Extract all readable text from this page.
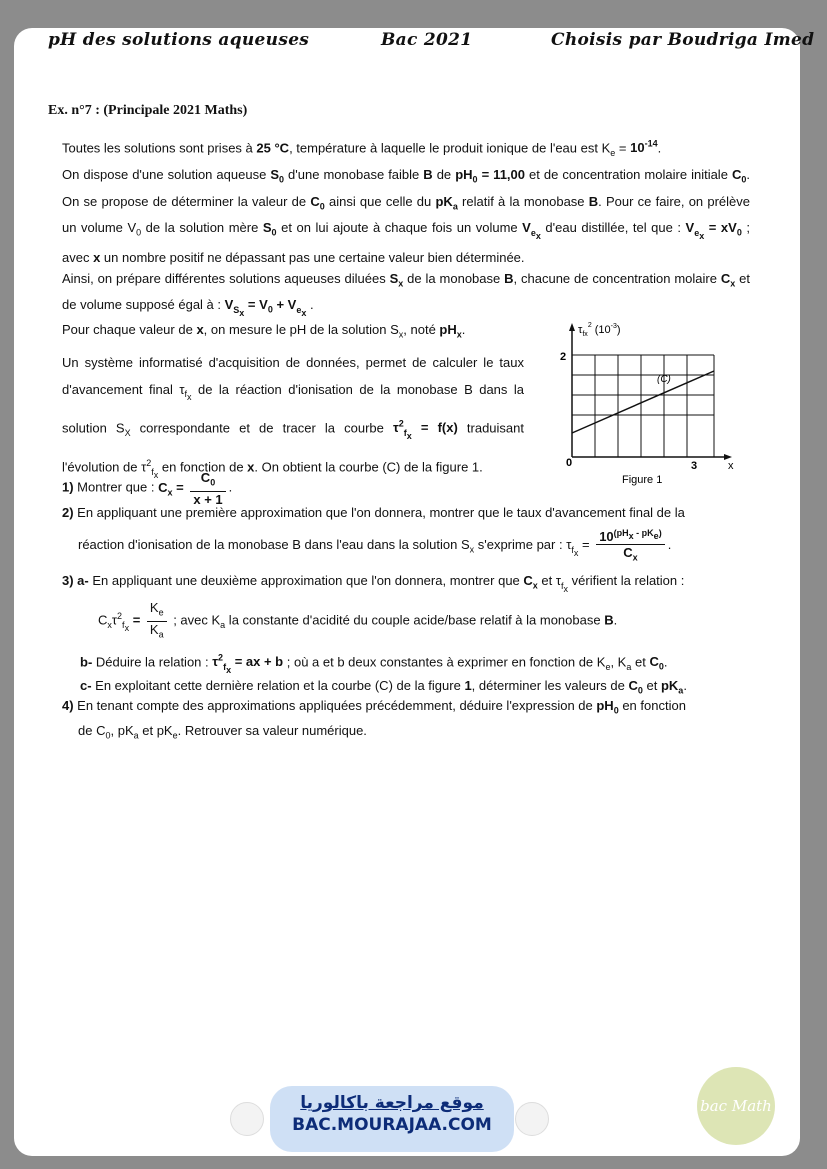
pH des solutions aqueuses	Bac 2021	Choisis par Boudriga Imed
Ex. n°7 : (Principale 2021 Maths)

Toutes les solutions sont prises à 25 °C, température à laquelle le produit ionique de l'eau est $K_e = 10^{-14}$.
On dispose d'une solution aqueuse $S_0$ d'une monobase faible B de $pH_0 = 11,00$ et de concentration molaire initiale $C_0$. On se propose de déterminer la valeur de $C_0$ ainsi que celle du $pK_a$ relatif à la monobase B. Pour ce faire, on prélève un volume $V_0$ de la solution mère $S_0$ et on lui ajoute à chaque fois un volume $V_{e_x}$ d'eau distillée, tel que : $V_{e_x} = xV_0$ ; avec x un nombre positif ne dépassant pas une certaine valeur bien déterminée.
Ainsi, on prépare différentes solutions aqueuses diluées $S_x$ de la monobase B, chacune de concentration molaire $C_x$ et de volume supposé égal à : $V_{S_x} = V_0 + V_{e_x}$ .

Pour chaque valeur de x, on mesure le pH de la solution $S_x$, noté $pH_x$.
Un système informatisé d'acquisition de données, permet de calculer le taux d'avancement final $\tau_{f_x}$ de la réaction d'ionisation de la monobase B dans la solution $S_X$ correspondante et de tracer la courbe $\tau^2_{f_x} = f(x)$ traduisant l'évolution de $\tau^2_{f_x}$ en fonction de x. On obtient la courbe (C) de la figure 1.

$\tau_{fx}^2$ $(10^{-3})$
2
0	3	x
(C)
Figure 1

1) Montrer que : $C_x = \frac{C_0}{x + 1}$ .

2) En appliquant une première approximation que l'on donnera, montrer que le taux d'avancement final de la
réaction d'ionisation de la monobase B dans l'eau dans la solution $S_x$ s'exprime par : $\tau_{f_x} = \frac{10^{(pH_x - pK_e)}}{C_x}$ .

3) a- En appliquant une deuxième approximation que l'on donnera, montrer que $C_x$ et $\tau_{f_x}$ vérifient la relation :

$C_x\tau^2_{f_x} = \frac{K_e}{K_a}$ ; avec $K_a$ la constante d'acidité du couple acide/base relatif à la monobase B.

b- Déduire la relation : $\tau^2_{f_x}$ = ax + b ; où a et b deux constantes à exprimer en fonction de $K_e$, $K_a$ et $C_0$.

c- En exploitant cette dernière relation et la courbe (C) de la figure 1, déterminer les valeurs de $C_0$ et $pK_a$.

4) En tenant compte des approximations appliquées précédemment, déduire l'expression de $pH_0$ en fonction
de $C_0$, $pK_a$ et $pK_e$. Retrouver sa valeur numérique.

موقع مراجعة باكالوريا
BAC.MOURAJAA.COM
bac Math
